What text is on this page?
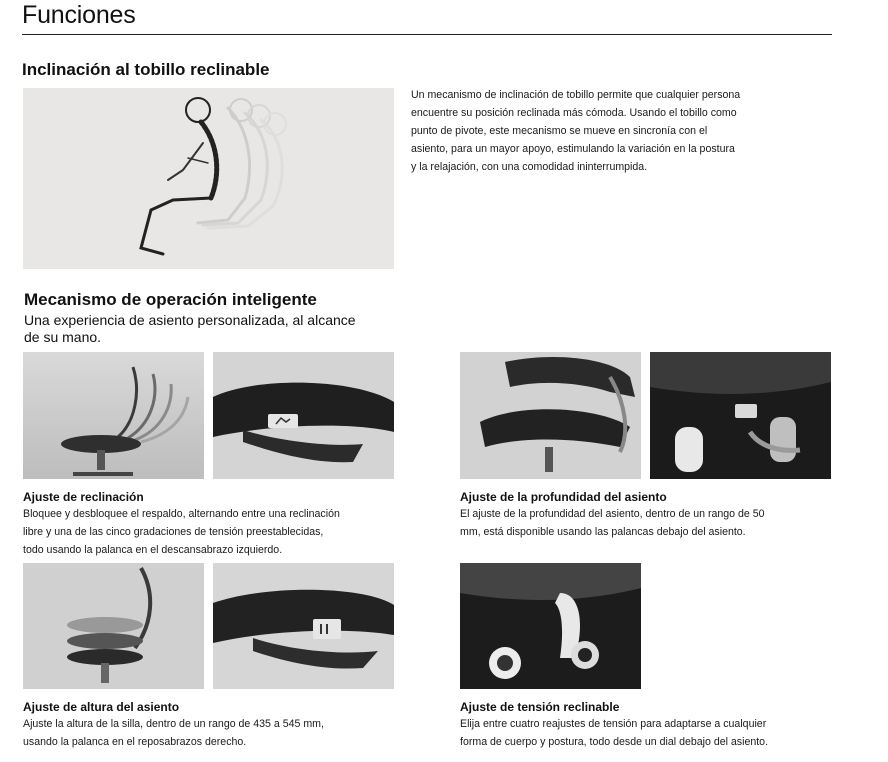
Funciones
Inclinación al tobillo reclinable
Un mecanismo de inclinación de tobillo permite que cualquier persona
encuentre su posición reclinada más cómoda. Usando el tobillo como
punto de pivote, este mecanismo se mueve en sincronía con el
asiento, para un mayor apoyo, estimulando la variación en la postura
y la relajación, con una comodidad ininterrumpida.
Mecanismo de operación inteligente
Una experiencia de asiento personalizada, al alcance
de su mano.
Ajuste de reclinación
Bloquee y desbloquee el respaldo, alternando entre una reclinación
libre y una de las cinco gradaciones de tensión preestablecidas,
todo usando la palanca en el descansabrazo izquierdo.
Ajuste de la profundidad del asiento
El ajuste de la profundidad del asiento, dentro de un rango de 50
mm, está disponible usando las palancas debajo del asiento.
Ajuste de altura del asiento
Ajuste la altura de la silla, dentro de un rango de 435 a 545 mm,
usando la palanca en el reposabrazos derecho.
Ajuste de tensión reclinable
Elija entre cuatro reajustes de tensión para adaptarse a cualquier
forma de cuerpo y postura, todo desde un dial debajo del asiento.
